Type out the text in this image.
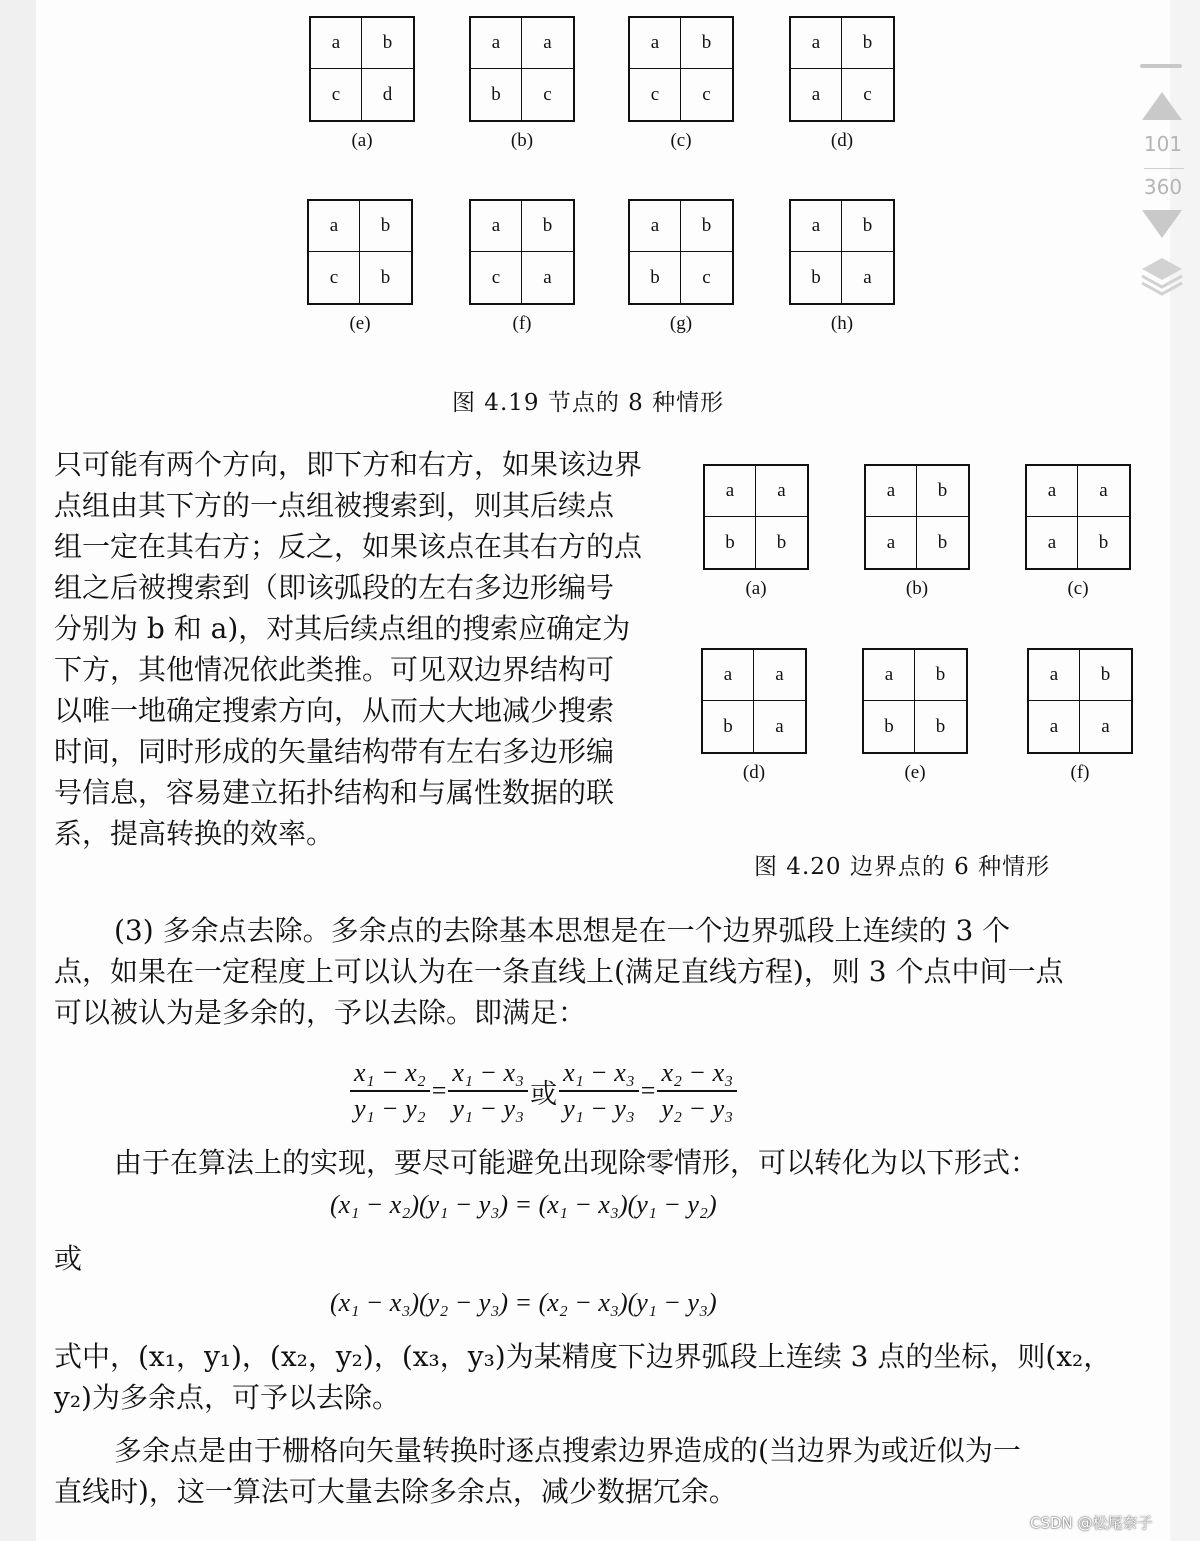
a	b
c	d
(a)
a	a
b	c
(b)
a	b
c	c
(c)
a	b
a	c
(d)
a	b
c	b
(e)
a	b
c	a
(f)
a	b
b	c
(g)
a	b
b	a
(h)
图 4.19 节点的 8 种情形
a	a
b	b
(a)
a	b
a	b
(b)
a	a
a	b
(c)
a	a
b	a
(d)
a	b
b	b
(e)
a	b
a	a
(f)
图 4.20 边界点的 6 种情形
只可能有两个方向，即下方和右方，如果该边界
点组由其下方的一点组被搜索到，则其后续点
组一定在其右方；反之，如果该点在其右方的点
组之后被搜索到（即该弧段的左右多边形编号
分别为 b 和 a)，对其后续点组的搜索应确定为
下方，其他情况依此类推。可见双边界结构可
以唯一地确定搜索方向，从而大大地减少搜索
时间，同时形成的矢量结构带有左右多边形编
号信息，容易建立拓扑结构和与属性数据的联
系，提高转换的效率。
(3) 多余点去除。多余点的去除基本思想是在一个边界弧段上连续的 3 个
点，如果在一定程度上可以认为在一条直线上(满足直线方程)，则 3 个点中间一点
可以被认为是多余的，予以去除。即满足：
$\frac{\text{x₁ − x₂}}{\text{y₁ − y₂}} = \frac{\text{x₁ − x₃}}{\text{y₁ − y₃}}$ 或 $\frac{\text{x₁ − x₃}}{\text{y₁ − y₃}} = \frac{\text{x₂ − x₃}}{\text{y₂ − y₃}}$
由于在算法上的实现，要尽可能避免出现除零情形，可以转化为以下形式：
(x₁ − x₂)(y₁ − y₃) = (x₁ − x₃)(y₁ − y₂)
或
(x₁ − x₃)(y₂ − y₃) = (x₂ − x₃)(y₁ − y₃)
式中，(x₁，y₁)，(x₂，y₂)，(x₃，y₃)为某精度下边界弧段上连续 3 点的坐标，则(x₂，
y₂)为多余点，可予以去除。
多余点是由于栅格向矢量转换时逐点搜索边界造成的(当边界为或近似为一
直线时)，这一算法可大量去除多余点，减少数据冗余。
101
360
CSDN @松尾奈子
